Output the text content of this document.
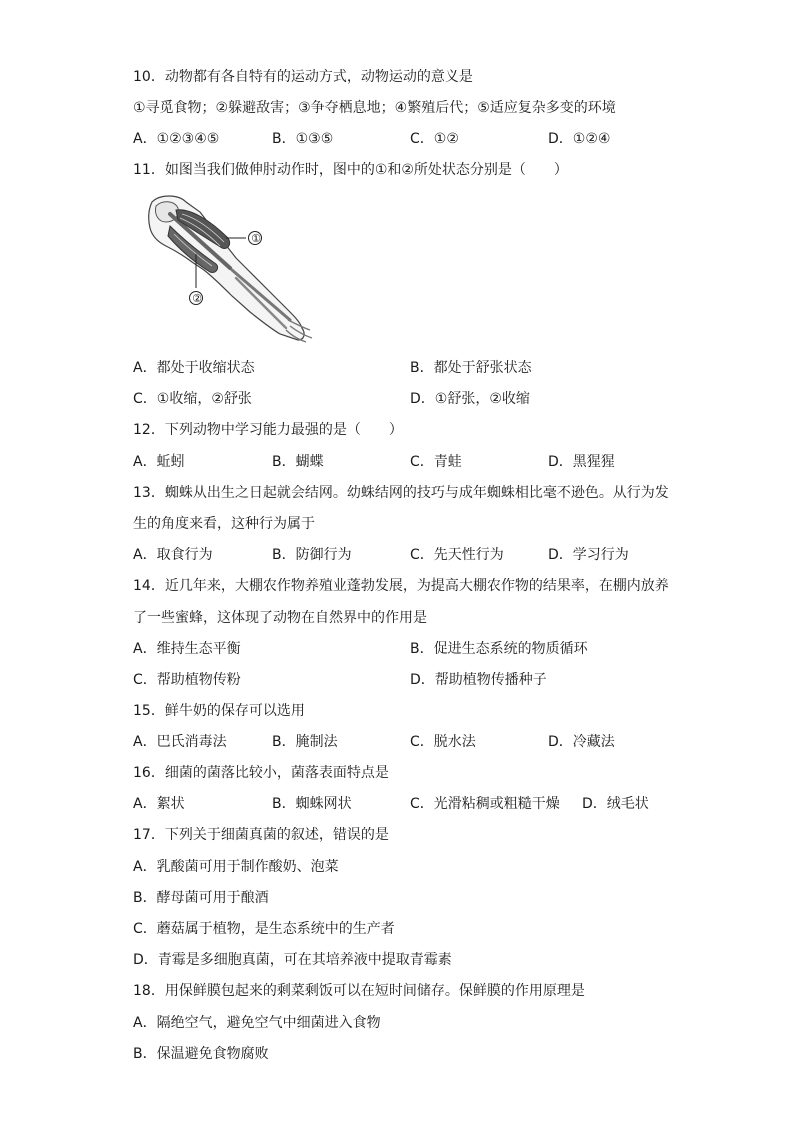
10．动物都有各自特有的运动方式，动物运动的意义是
①寻觅食物；②躲避敌害；③争夺栖息地；④繁殖后代；⑤适应复杂多变的环境
A．①②③④⑤	B．①③⑤	C．①②	D．①②④
11．如图当我们做伸肘动作时，图中的①和②所处状态分别是（　　）
A．都处于收缩状态	B．都处于舒张状态
C．①收缩，②舒张	D．①舒张，②收缩
12．下列动物中学习能力最强的是（　　）
A．蚯蚓	B．蝴蝶	C．青蛙	D．黑猩猩
13．蜘蛛从出生之日起就会结网。幼蛛结网的技巧与成年蜘蛛相比毫不逊色。从行为发
生的角度来看，这种行为属于
A．取食行为	B．防御行为	C．先天性行为	D．学习行为
14．近几年来，大棚农作物养殖业蓬勃发展，为提高大棚农作物的结果率，在棚内放养
了一些蜜蜂，这体现了动物在自然界中的作用是
A．维持生态平衡	B．促进生态系统的物质循环
C．帮助植物传粉	D．帮助植物传播种子
15．鲜牛奶的保存可以选用
A．巴氏消毒法	B．腌制法	C．脱水法	D．冷藏法
16．细菌的菌落比较小，菌落表面特点是
A．絮状	B．蜘蛛网状	C．光滑粘稠或粗糙干燥 D．绒毛状
17．下列关于细菌真菌的叙述，错误的是
A．乳酸菌可用于制作酸奶、泡菜
B．酵母菌可用于酿酒
C．蘑菇属于植物，是生态系统中的生产者
D．青霉是多细胞真菌，可在其培养液中提取青霉素
18．用保鲜膜包起来的剩菜剩饭可以在短时间储存。保鲜膜的作用原理是
A．隔绝空气，避免空气中细菌进入食物
B．保温避免食物腐败
①
②
